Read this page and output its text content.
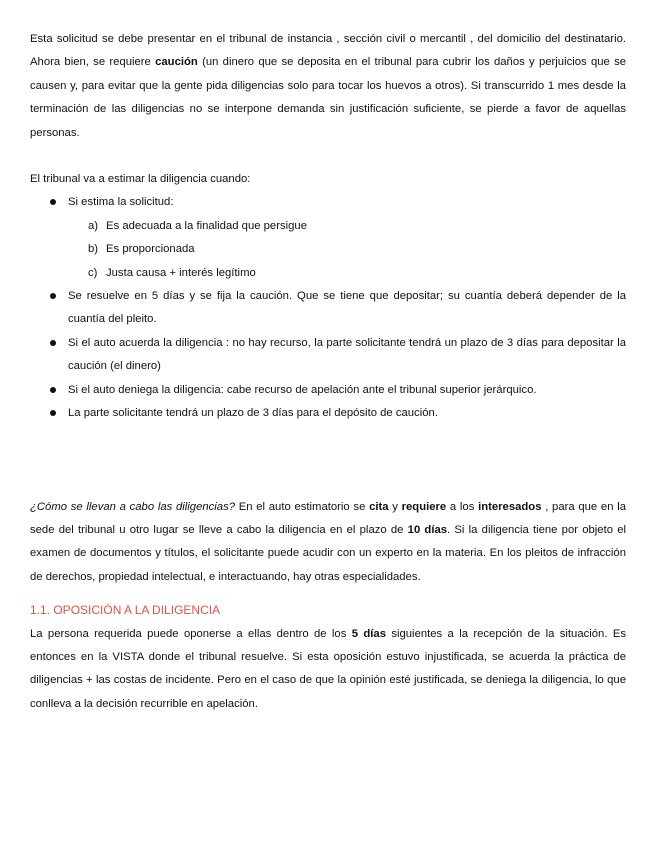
Esta solicitud se debe presentar en el tribunal de instancia , sección civil o mercantil , del domicilio del destinatario. Ahora bien, se requiere caución (un dinero que se deposita en el tribunal para cubrir los daños y perjuicios que se causen y, para evitar que la gente pida diligencias solo para tocar los huevos a otros). Si transcurrido 1 mes desde la terminación de las diligencias no se interpone demanda sin justificación suficiente, se pierde a favor de aquellas personas.

El tribunal va a estimar la diligencia cuando:

Si estima la solicitud:
a) Es adecuada a la finalidad que persigue
b) Es proporcionada
c) Justa causa + interés legítimo
Se resuelve en 5 días y se fija la caución. Que se tiene que depositar; su cuantía deberá depender de la cuantía del pleito.
Si el auto acuerda la diligencia : no hay recurso, la parte solicitante tendrá un plazo de 3 días para depositar la caución (el dinero)
Si el auto deniega la diligencia: cabe recurso de apelación ante el tribunal superior jerárquico.
La parte solicitante tendrá un plazo de 3 días para el depósito de caución.

¿Cómo se llevan a cabo las diligencias? En el auto estimatorio se cita y requiere a los interesados , para que en la sede del tribunal u otro lugar se lleve a cabo la diligencia en el plazo de 10 días. Si la diligencia tiene por objeto el examen de documentos y títulos, el solicitante puede acudir con un experto en la materia. En los pleitos de infracción de derechos, propiedad intelectual, e interactuando, hay otras especialidades.

1.1. OPOSICIÓN A LA DILIGENCIA

La persona requerida puede oponerse a ellas dentro de los 5 días siguientes a la recepción de la situación. Es entonces en la VISTA donde el tribunal resuelve. Si esta oposición estuvo injustificada, se acuerda la práctica de diligencias + las costas de incidente. Pero en el caso de que la opinión esté justificada, se deniega la diligencia, lo que conlleva a la decisión recurrible en apelación.
